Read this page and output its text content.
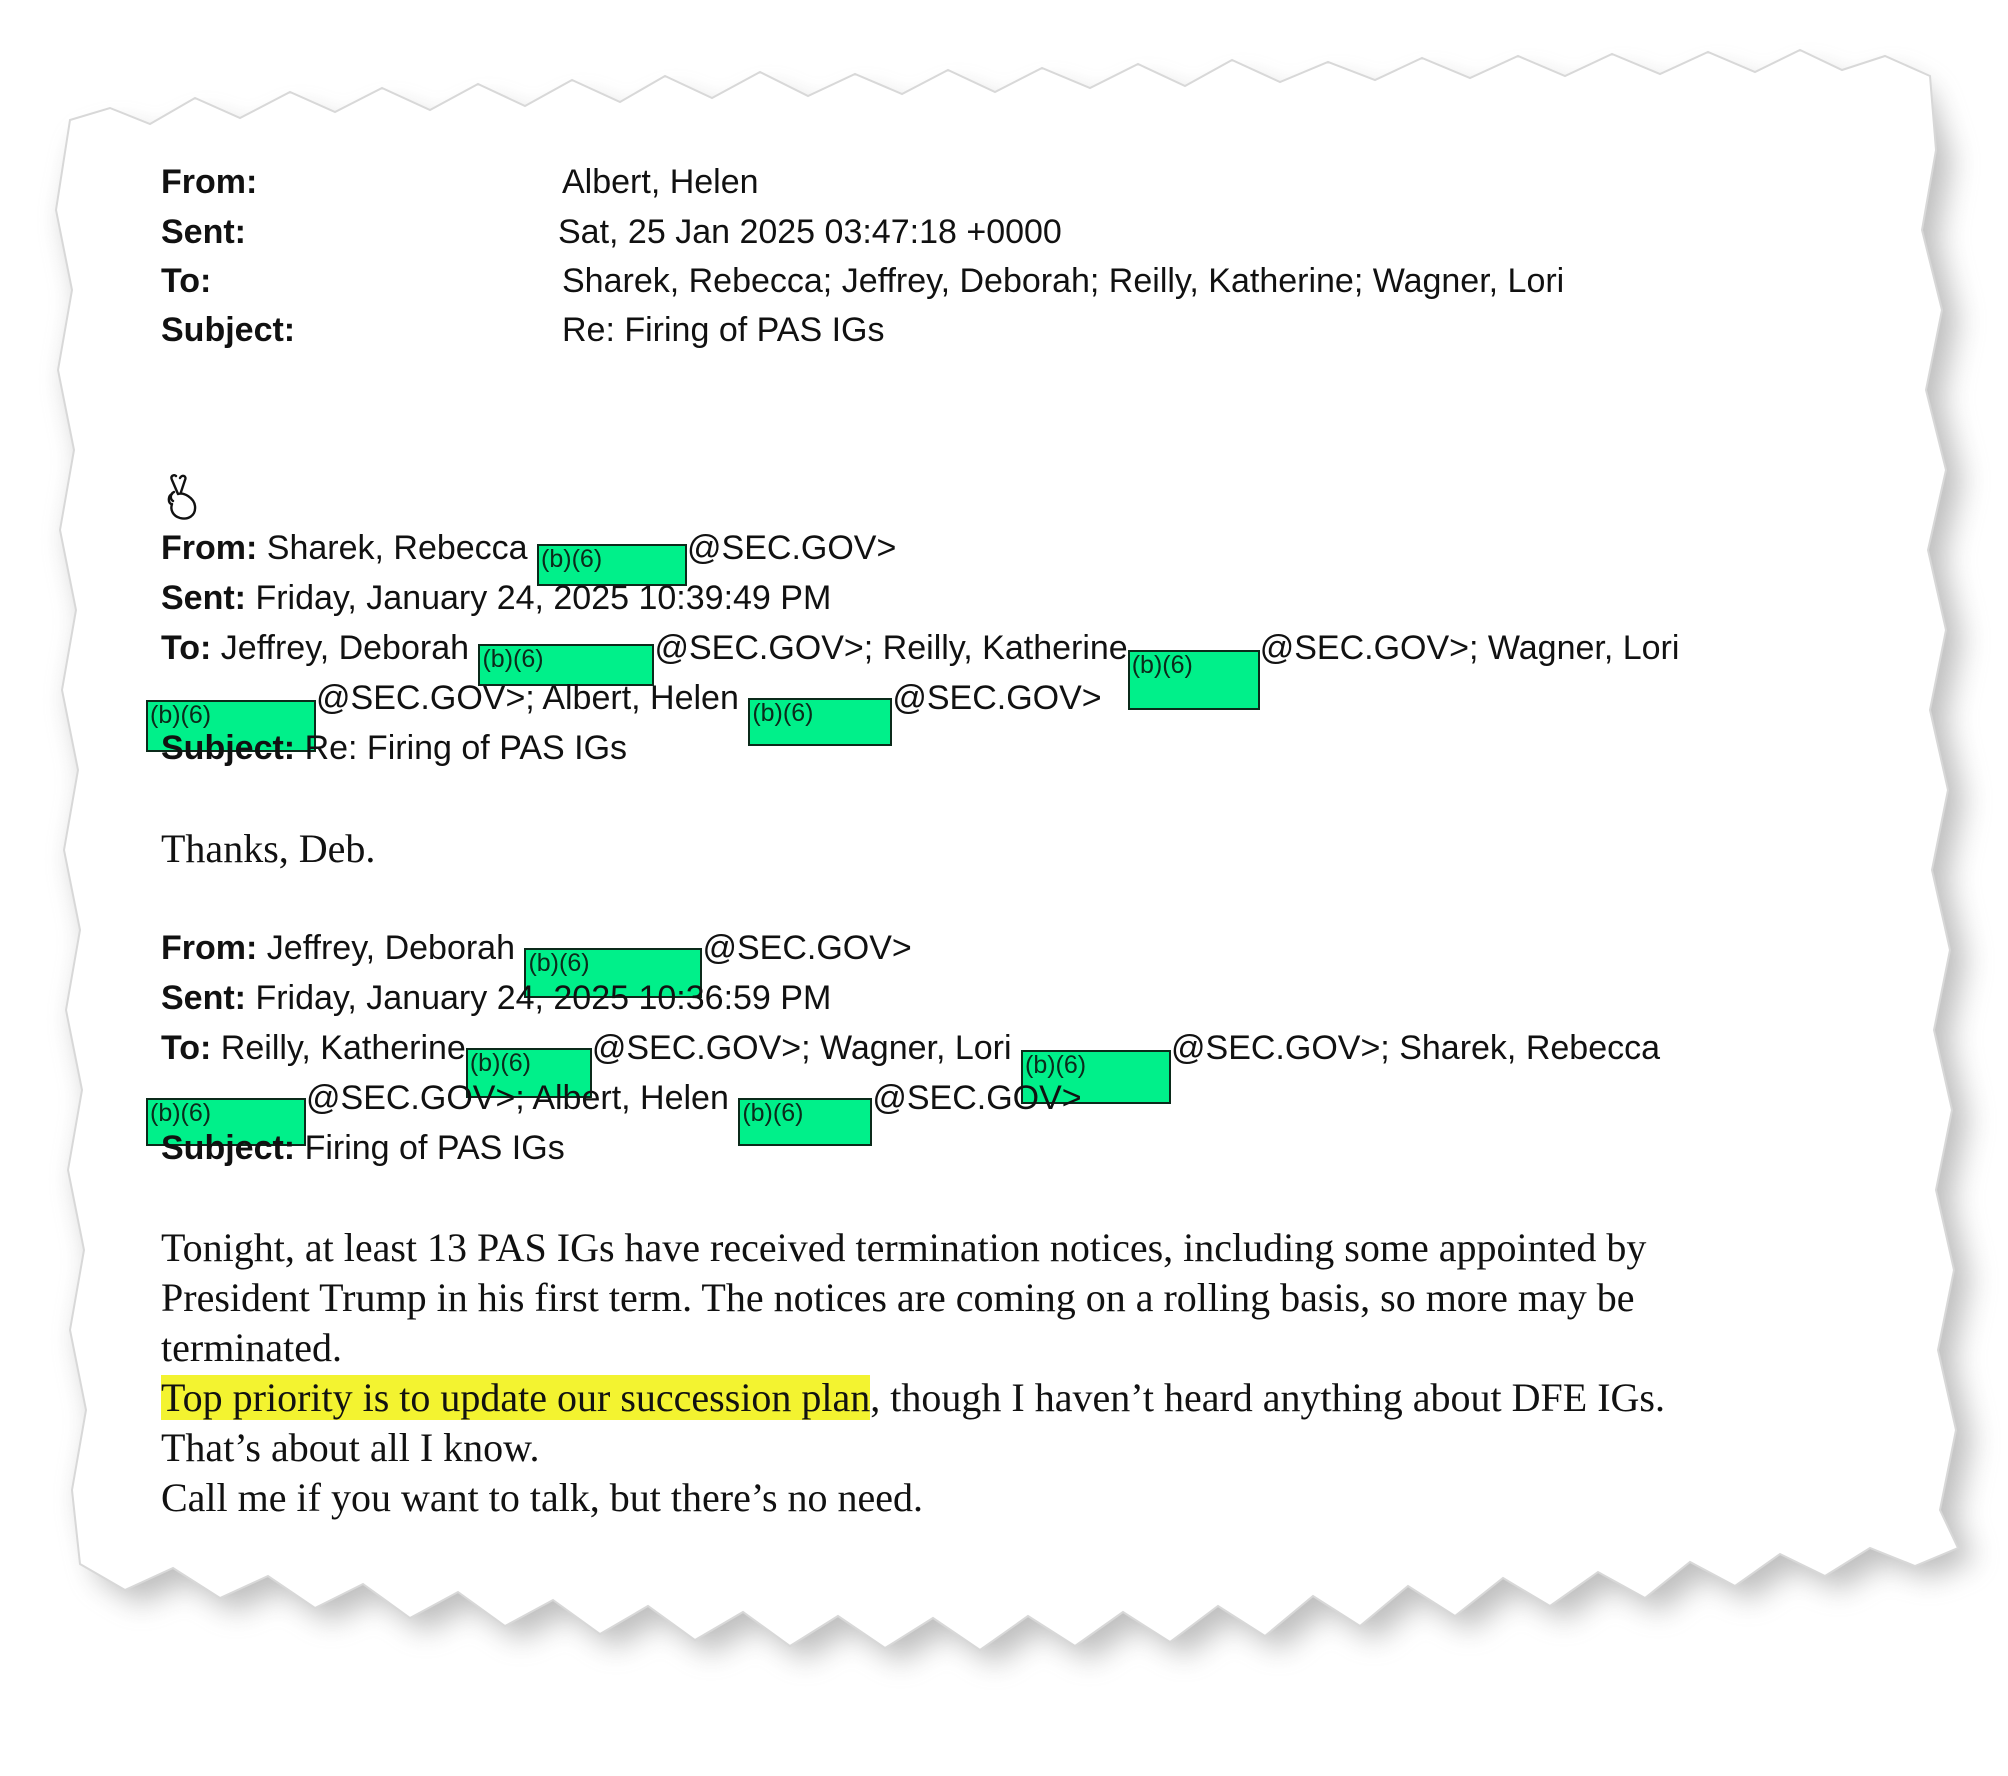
From:	Albert, Helen
Sent:	Sat, 25 Jan 2025 03:47:18 +0000
To:	Sharek, Rebecca; Jeffrey, Deborah; Reilly, Katherine; Wagner, Lori
Subject:	Re: Firing of PAS IGs
From: Sharek, Rebecca (b)(6) @SEC.GOV>
Sent: Friday, January 24, 2025 10:39:49 PM
To: Jeffrey, Deborah (b)(6)	@SEC.GOV>; Reilly, Katherine (b)(6) @SEC.GOV>; Wagner, Lori
(b)(6)	@SEC.GOV>; Albert, Helen (b)(6) @SEC.GOV>
Subject: Re: Firing of PAS IGs
Thanks, Deb.
From: Jeffrey, Deborah (b)(6)	@SEC.GOV>
Sent: Friday, January 24, 2025 10:36:59 PM
To: Reilly, Katherine (b)(6) @SEC.GOV>; Wagner, Lori (b)(6) @SEC.GOV>; Sharek, Rebecca
(b)(6)	@SEC.GOV>; Albert, Helen (b)(6) @SEC.GOV>
Subject: Firing of PAS IGs
Tonight, at least 13 PAS IGs have received termination notices, including some appointed by
President Trump in his first term. The notices are coming on a rolling basis, so more may be
terminated.
Top priority is to update our succession plan, though I haven’t heard anything about DFE IGs.
That’s about all I know.
Call me if you want to talk, but there’s no need.
